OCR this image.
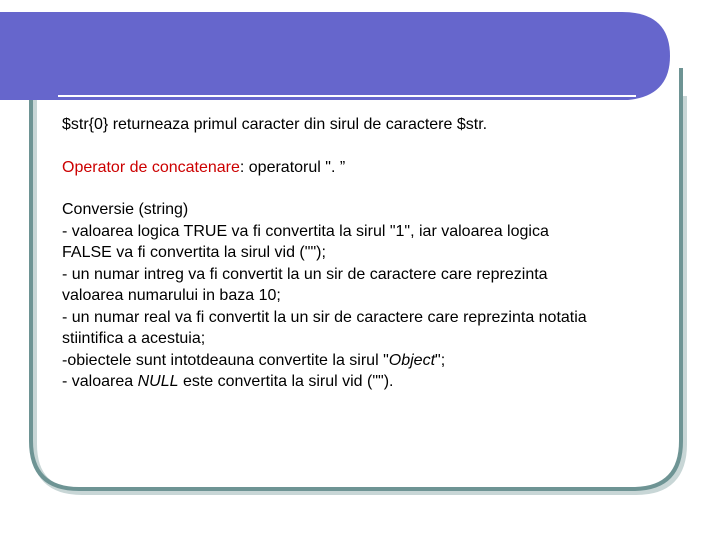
$str{0} returneaza primul caracter din sirul de caractere $str.

Operator de concatenare: operatorul ". ”

Conversie (string)

- valoarea logica TRUE va fi convertita la sirul "1", iar valoarea logica

FALSE va fi convertita la sirul vid ("");

- un numar intreg va fi convertit la un sir de caractere care reprezinta

valoarea numarului in baza 10;

- un numar real va fi convertit la un sir de caractere care reprezinta notatia

stiintifica a acestuia;

-obiectele sunt intotdeauna convertite la sirul "Object";

- valoarea NULL este convertita la sirul vid ("").
